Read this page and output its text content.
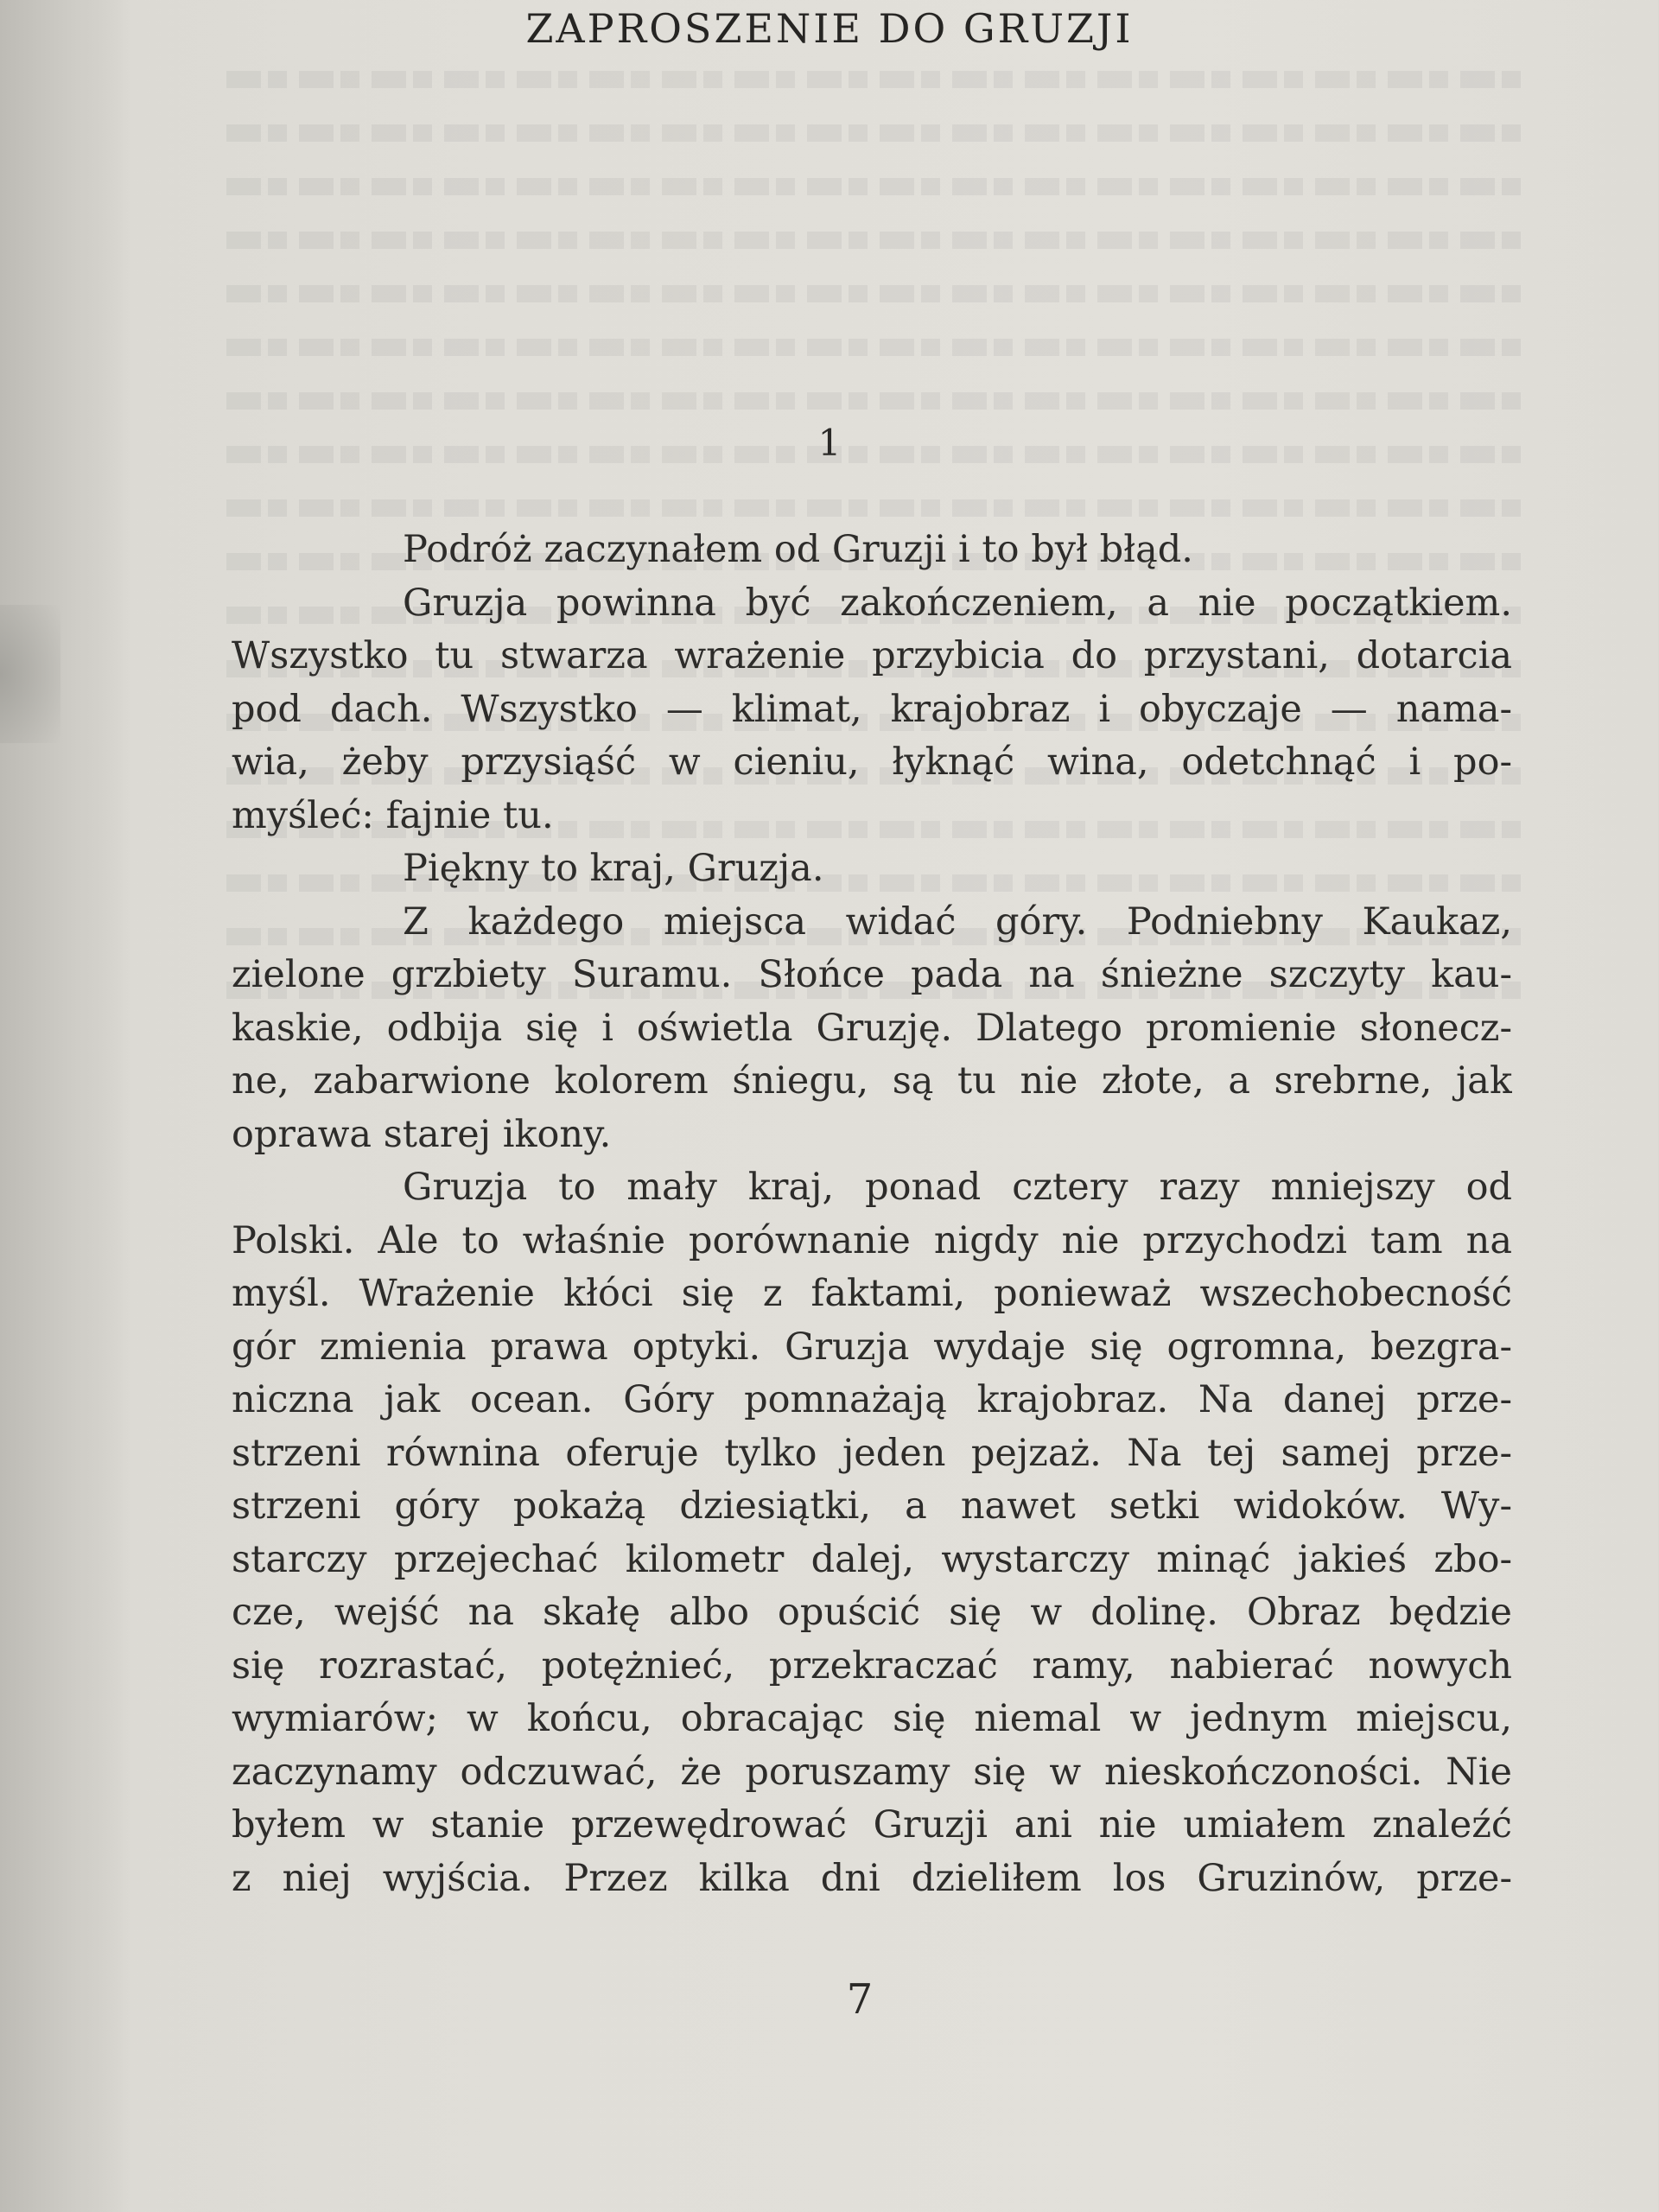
ZAPROSZENIE DO GRUZJI
1
Podróż zaczynałem od Gruzji i to był błąd.
Gruzja powinna być zakończeniem, a nie początkiem.
Wszystko tu stwarza wrażenie przybicia do przystani, dotarcia
pod dach. Wszystko — klimat, krajobraz i obyczaje — nama-
wia, żeby przysiąść w cieniu, łyknąć wina, odetchnąć i po-
myśleć: fajnie tu.
Piękny to kraj, Gruzja.
Z każdego miejsca widać góry. Podniebny Kaukaz,
zielone grzbiety Suramu. Słońce pada na śnieżne szczyty kau-
kaskie, odbija się i oświetla Gruzję. Dlatego promienie słonecz-
ne, zabarwione kolorem śniegu, są tu nie złote, a srebrne, jak
oprawa starej ikony.
Gruzja to mały kraj, ponad cztery razy mniejszy od
Polski. Ale to właśnie porównanie nigdy nie przychodzi tam na
myśl. Wrażenie kłóci się z faktami, ponieważ wszechobecność
gór zmienia prawa optyki. Gruzja wydaje się ogromna, bezgra-
niczna jak ocean. Góry pomnażają krajobraz. Na danej prze-
strzeni równina oferuje tylko jeden pejzaż. Na tej samej prze-
strzeni góry pokażą dziesiątki, a nawet setki widoków. Wy-
starczy przejechać kilometr dalej, wystarczy minąć jakieś zbo-
cze, wejść na skałę albo opuścić się w dolinę. Obraz będzie
się rozrastać, potężnieć, przekraczać ramy, nabierać nowych
wymiarów; w końcu, obracając się niemal w jednym miejscu,
zaczynamy odczuwać, że poruszamy się w nieskończoności. Nie
byłem w stanie przewędrować Gruzji ani nie umiałem znaleźć
z niej wyjścia. Przez kilka dni dzieliłem los Gruzinów, prze-
7
